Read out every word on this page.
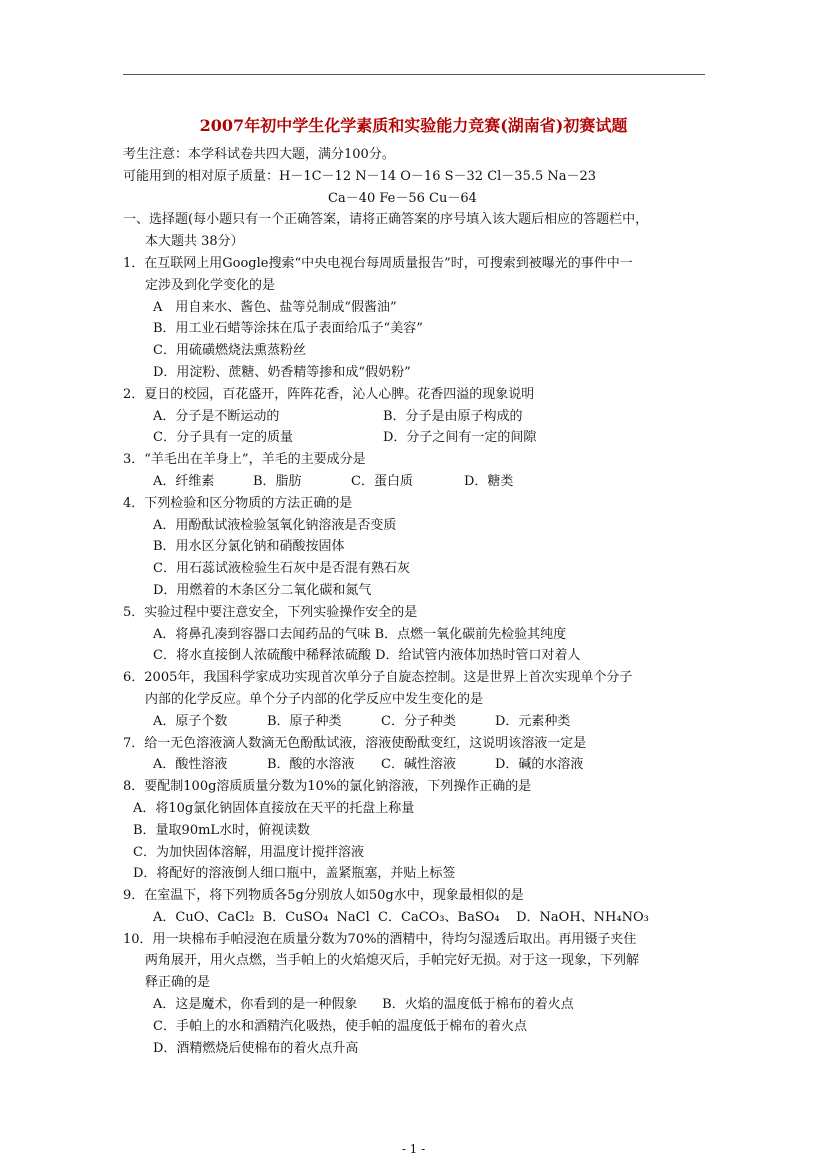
2007年初中学生化学素质和实验能力竞赛(湖南省)初赛试题
考生注意：本学科试卷共四大题，满分100分。
可能用到的相对原子质量：H－1C－12 N－14 O－16 S－32 Cl－35.5 Na－23
Ca－40 Fe－56 Cu－64
一、选择题(每小题只有一个正确答案，请将正确答案的序号填入该大题后相应的答题栏中，
本大题共 38分）
1．在互联网上用Google搜索“中央电视台每周质量报告”时，可搜索到被曝光的事件中一
定涉及到化学变化的是
A　用自来水、酱色、盐等兑制成“假酱油”
B．用工业石蜡等涂抹在瓜子表面给瓜子“美容”
C．用硫磺燃烧法熏蒸粉丝
D．用淀粉、蔗糖、奶香精等掺和成“假奶粉”
2．夏日的校园，百花盛开，阵阵花香，沁人心脾。花香四溢的现象说明
A．分子是不断运动的	B．分子是由原子构成的
C．分子具有一定的质量	D．分子之间有一定的间隙
3．“羊毛出在羊身上”，羊毛的主要成分是
A．纤维素	B．脂肪	C．蛋白质	D．糖类
4．下列检验和区分物质的方法正确的是
A．用酚酞试液检验氢氧化钠溶液是否变质
B．用水区分氯化钠和硝酸按固体
C．用石蕊试液检验生石灰中是否混有熟石灰
D．用燃着的木条区分二氧化碳和氮气
5．实验过程中要注意安全，下列实验操作安全的是
A．将鼻孔凑到容器口去闻药品的气味 B．点燃一氧化碳前先检验其纯度
C．将水直接倒人浓硫酸中稀释浓硫酸 D．给试管内液体加热时管口对着人
6．2005年，我国科学家成功实现首次单分子自旋态控制。这是世界上首次实现单个分子
内部的化学反应。单个分子内部的化学反应中发生变化的是
A．原子个数	B．原子种类	C．分子种类	D．元素种类
7．给一无色溶液滴人数滴无色酚酞试液，溶液使酚酞变红，这说明该溶液一定是
A．酸性溶液	B．酸的水溶液	C．碱性溶液	D．碱的水溶液
8．要配制100g溶质质量分数为10%的氯化钠溶液，下列操作正确的是
A．将10g氯化钠固体直接放在天平的托盘上称量
B．量取90mL水时，俯视读数
C．为加快固体溶解，用温度计搅拌溶液
D．将配好的溶液倒人细口瓶中，盖紧瓶塞，并贴上标签
9．在室温下，将下列物质各5g分别放人如50g水中，现象最相似的是
A．CuO、CaCl₂  B．CuSO₄  NaCl  C．CaCO₃、BaSO₄    D．NaOH、NH₄NO₃
10．用一块棉布手帕浸泡在质量分数为70%的酒精中，待均匀湿透后取出。再用镊子夹住
两角展开，用火点燃，当手帕上的火焰熄灭后，手帕完好无损。对于这一现象，下列解
释正确的是
A．这是魔术，你看到的是一种假象      B．火焰的温度低于棉布的着火点
C．手帕上的水和酒精汽化吸热，使手帕的温度低于棉布的着火点
D．酒精燃烧后使棉布的着火点升高
- 1 -
